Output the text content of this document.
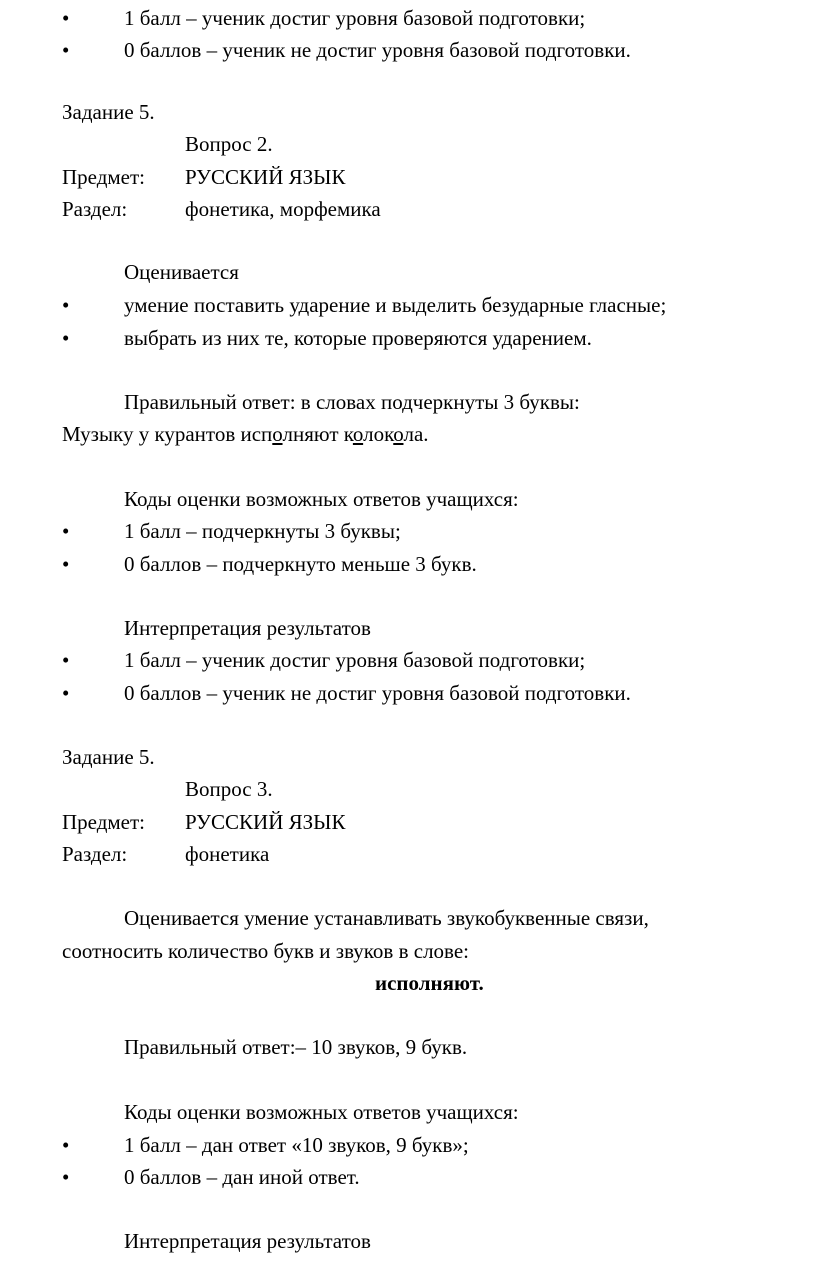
•	1 балл – ученик достиг уровня базовой подготовки;
•	0 баллов – ученик не достиг уровня базовой подготовки.
Задание 5.
Вопрос 2.
Предмет: РУССКИЙ ЯЗЫК
Раздел:	фонетика, морфемика
Оценивается
•	умение поставить ударение и выделить безударные гласные;
•	выбрать из них те, которые проверяются ударением.
Правильный ответ: в словах подчеркнуты 3 буквы:
Музыку у курантов исполняют колокола.
Коды оценки возможных ответов учащихся:
•	1 балл – подчеркнуты 3 буквы;
•	0 баллов – подчеркнуто меньше 3 букв.
Интерпретация результатов
•	1 балл – ученик достиг уровня базовой подготовки;
•	0 баллов – ученик не достиг уровня базовой подготовки.
Задание 5.
Вопрос 3.
Предмет: РУССКИЙ ЯЗЫК
Раздел:	фонетика
Оценивается умение устанавливать звукобуквенные связи,
соотносить количество букв и звуков в слове:
исполняют.
Правильный ответ:– 10 звуков, 9 букв.
Коды оценки возможных ответов учащихся:
•	1 балл – дан ответ «10 звуков, 9 букв»;
•	0 баллов – дан иной ответ.
Интерпретация результатов
